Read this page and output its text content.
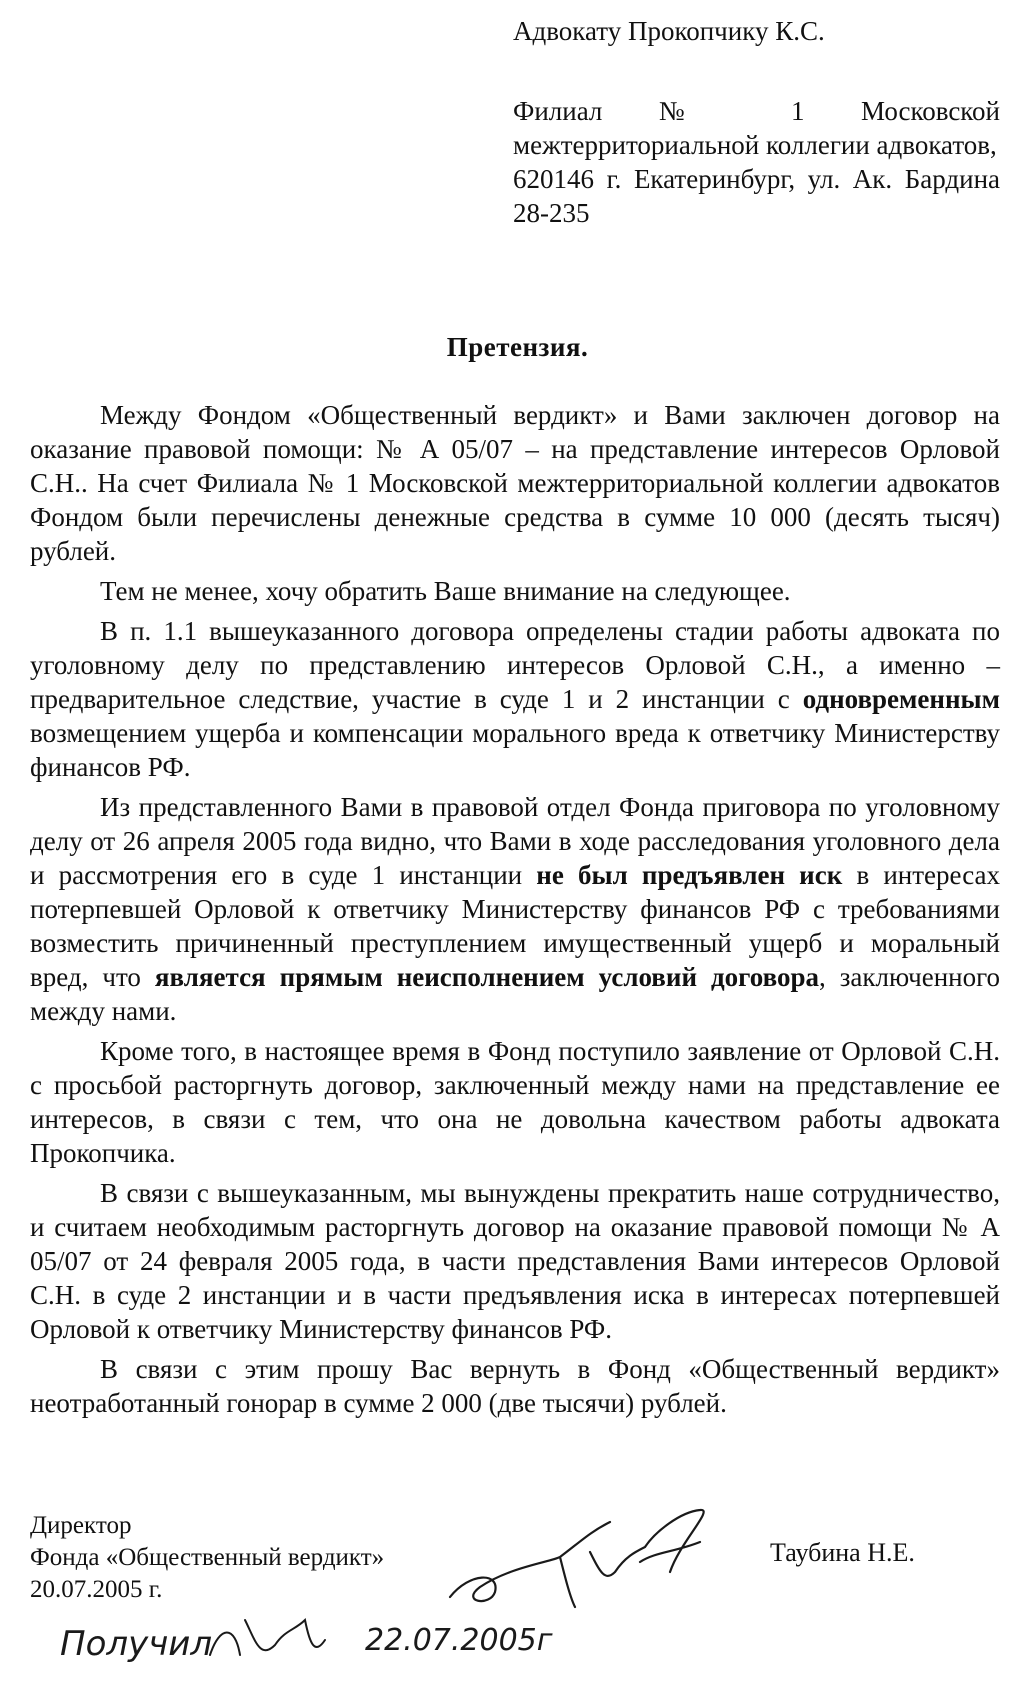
Адвокату Прокопчику К.С.
Филиал № 1 Московской межтерриториальной коллегии адвокатов,
620146 г. Екатеринбург, ул. Ак. Бардина 28-235
Претензия.

Между Фондом «Общественный вердикт» и Вами заключен договор на оказание правовой помощи: № А 05/07 – на представление интересов Орловой С.Н.. На счет Филиала № 1 Московской межтерриториальной коллегии адвокатов Фондом были перечислены денежные средства в сумме 10 000 (десять тысяч) рублей.

Тем не менее, хочу обратить Ваше внимание на следующее.

В п. 1.1 вышеуказанного договора определены стадии работы адвоката по уголовному делу по представлению интересов Орловой С.Н., а именно – предварительное следствие, участие в суде 1 и 2 инстанции с одновременным возмещением ущерба и компенсации морального вреда к ответчику Министерству финансов РФ.

Из представленного Вами в правовой отдел Фонда приговора по уголовному делу от 26 апреля 2005 года видно, что Вами в ходе расследования уголовного дела и рассмотрения его в суде 1 инстанции не был предъявлен иск в интересах потерпевшей Орловой к ответчику Министерству финансов РФ с требованиями возместить причиненный преступлением имущественный ущерб и моральный вред, что является прямым неисполнением условий договора, заключенного между нами.

Кроме того, в настоящее время в Фонд поступило заявление от Орловой С.Н. с просьбой расторгнуть договор, заключенный между нами на представление ее интересов, в связи с тем, что она не довольна качеством работы адвоката Прокопчика.

В связи с вышеуказанным, мы вынуждены прекратить наше сотрудничество, и считаем необходимым расторгнуть договор на оказание правовой помощи № А 05/07 от 24 февраля 2005 года, в части представления Вами интересов Орловой С.Н. в суде 2 инстанции и в части предъявления иска в интересах потерпевшей Орловой к ответчику Министерству финансов РФ.

В связи с этим прошу Вас вернуть в Фонд «Общественный вердикт» неотработанный гонорар в сумме 2 000 (две тысячи) рублей.

Директор
Фонда «Общественный вердикт»
20.07.2005 г.
Таубина Н.Е.
Получил	22.07.2005г
